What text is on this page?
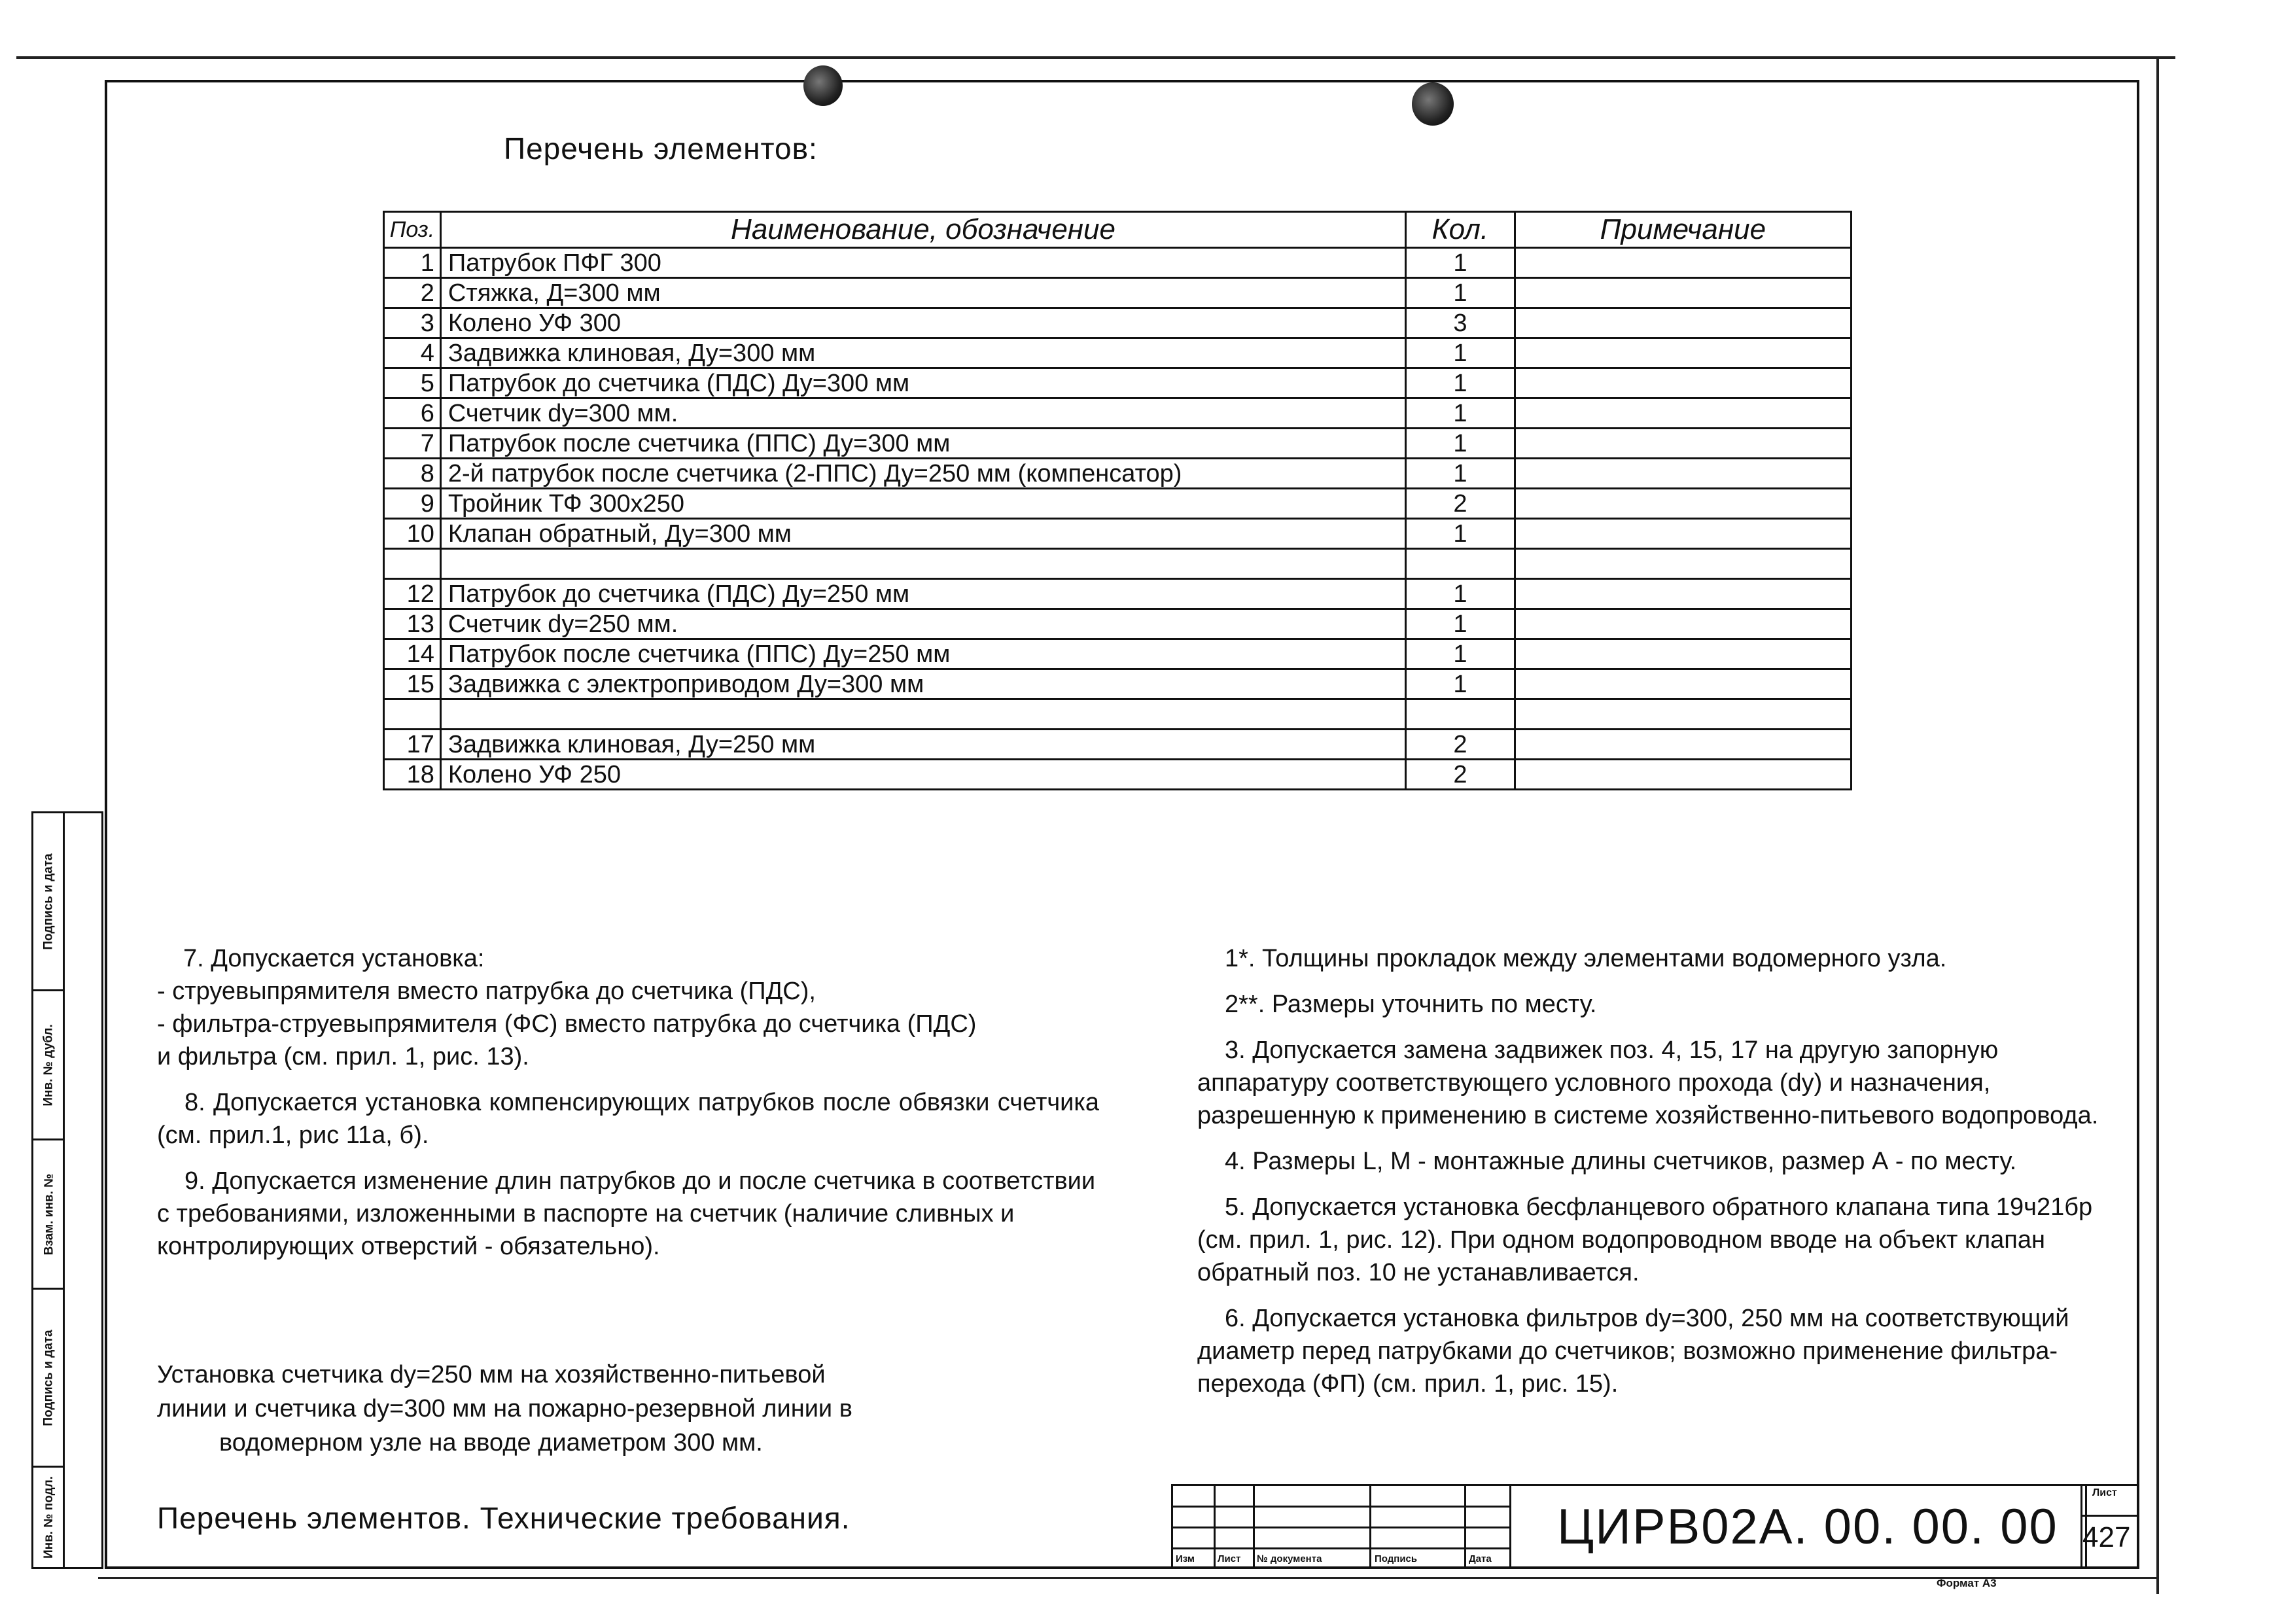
Подпись и дата
Инв. № дубл.
Взам. инв. №
Подпись и дата
Инв. № подл.
Перечень элементов:
Поз.	Наименование, обозначение	Кол.	Примечание
1	Патрубок ПФГ 300	1	
2	Стяжка, Д=300 мм	1	
3	Колено УФ 300	3	
4	Задвижка клиновая, Ду=300 мм	1	
5	Патрубок до счетчика (ПДС) Ду=300 мм	1	
6	Счетчик dy=300 мм.	1	
7	Патрубок после счетчика (ППС) Ду=300 мм	1	
8	2-й патрубок после счетчика (2-ППС) Ду=250 мм (компенсатор)	1	
9	Тройник ТФ 300x250	2	
10	Клапан обратный, Ду=300 мм	1	

12	Патрубок до счетчика (ПДС) Ду=250 мм	1	
13	Счетчик dy=250 мм.	1	
14	Патрубок после счетчика (ППС) Ду=250 мм	1	
15	Задвижка с электроприводом Ду=300 мм	1	

17	Задвижка клиновая, Ду=250 мм	2	
18	Колено УФ 250	2	
7. Допускается установка:
- струевыпрямителя вместо патрубка до счетчика (ПДС),
- фильтра-струевыпрямителя (ФС) вместо патрубка до счетчика (ПДС)
и фильтра (см. прил. 1, рис. 13).
8. Допускается установка компенсирующих патрубков после обвязки счетчика (см. прил.1, рис 11а, б).
9. Допускается изменение длин патрубков до и после счетчика в соответствии с требованиями, изложенными в паспорте на счетчик (наличие сливных и контролирующих отверстий - обязательно).
1*. Толщины прокладок между элементами водомерного узла.
2**. Размеры уточнить по месту.
3. Допускается замена задвижек поз. 4, 15, 17 на другую запорную аппаратуру соответствующего условного прохода (dy) и назначения, разрешенную к применению в системе хозяйственно-питьевого водопровода.
4. Размеры L, M - монтажные длины счетчиков, размер А - по месту.
5. Допускается установка бесфланцевого обратного клапана типа 19ч21бр (см. прил. 1, рис. 12). При одном водопроводном вводе на объект клапан обратный поз. 10 не устанавливается.
6. Допускается установка фильтров dy=300, 250 мм на соответствующий диаметр перед патрубками до счетчиков; возможно применение фильтра-перехода (ФП) (см. прил. 1, рис. 15).
Установка счетчика dy=250 мм на хозяйственно-питьевой
линии и счетчика dy=300 мм на пожарно-резервной линии в
водомерном узле на вводе диаметром 300 мм.
Перечень элементов. Технические требования.
Изм Лист № документа	Подпись	Дата
ЦИРВ02А. 00. 00. 00
Лист
427
Формат А3
